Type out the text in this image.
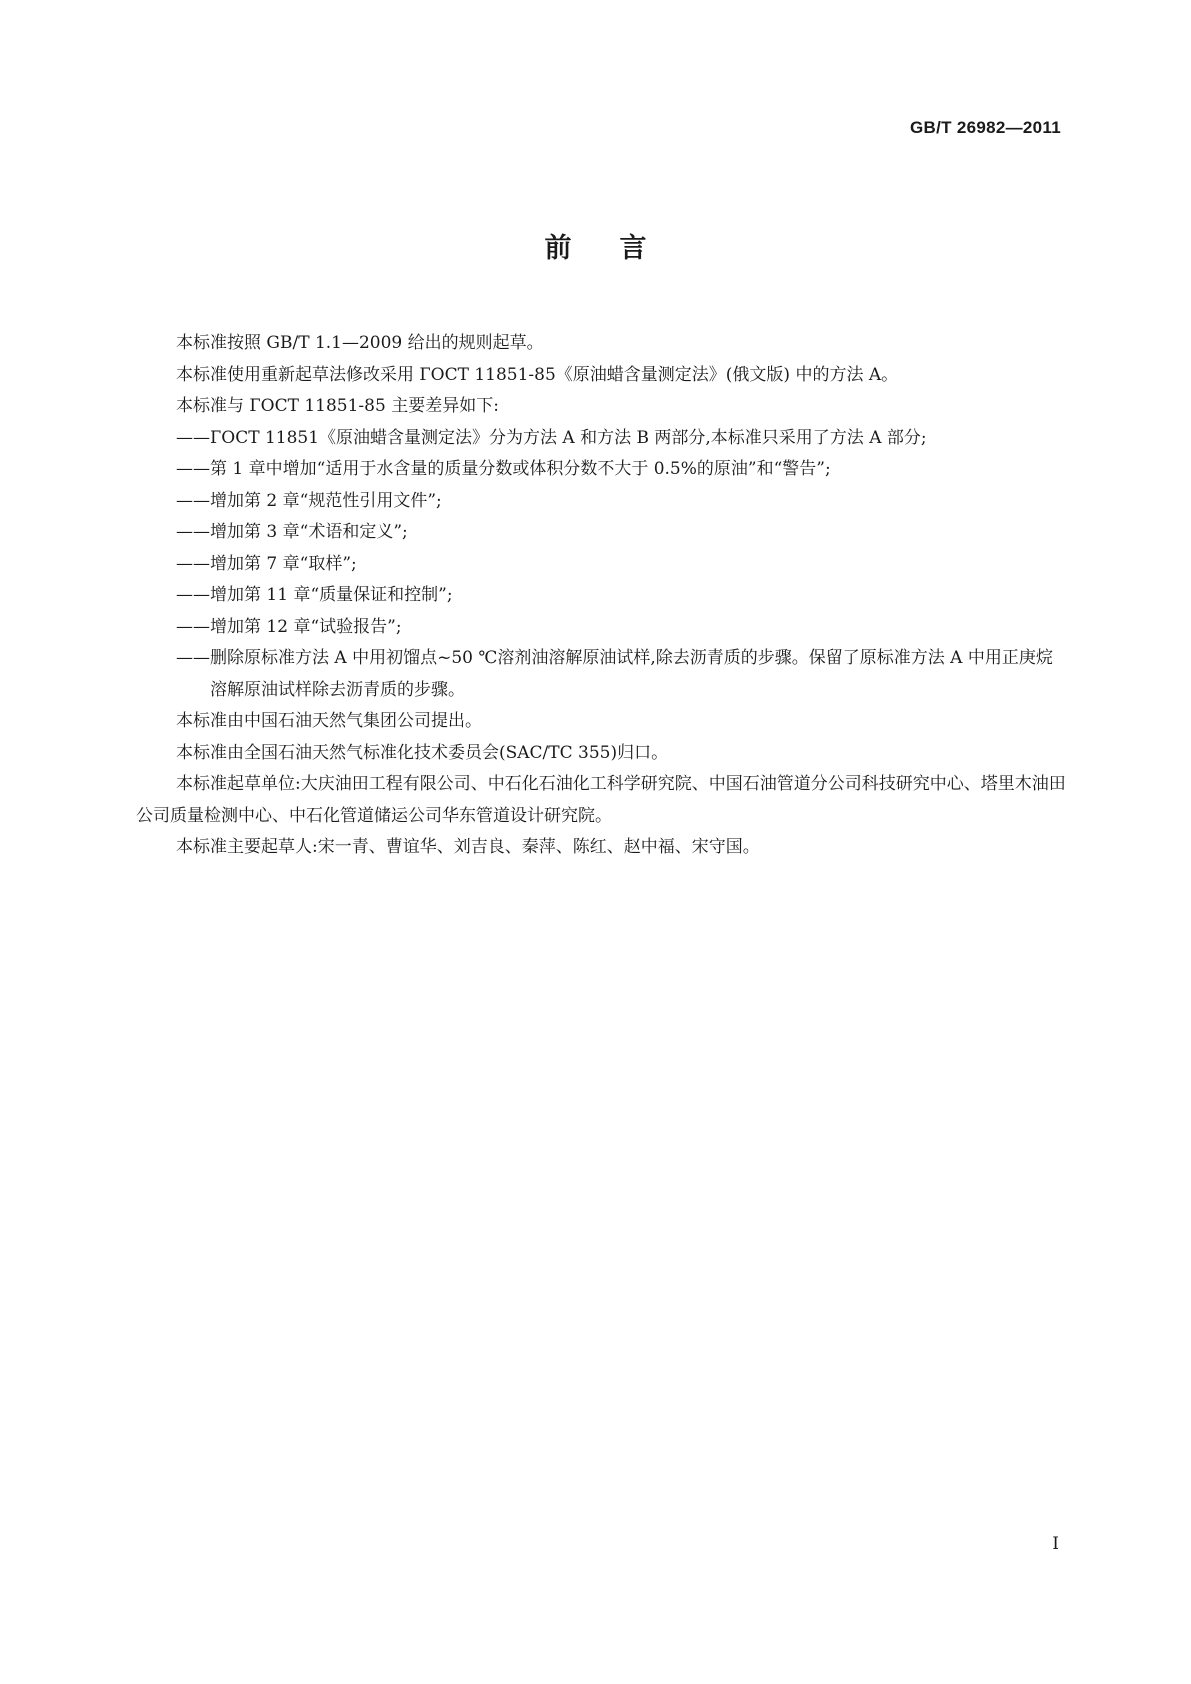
GB/T 26982—2011
前言

本标准按照 GB/T 1.1—2009 给出的规则起草。

本标准使用重新起草法修改采用 ГОСТ 11851-85《原油蜡含量测定法》(俄文版) 中的方法 A。

本标准与 ГОСТ 11851-85 主要差异如下:

——ГОСТ 11851《原油蜡含量测定法》分为方法 A 和方法 B 两部分,本标准只采用了方法 A 部分;

——第 1 章中增加“适用于水含量的质量分数或体积分数不大于 0.5%的原油”和“警告”;

——增加第 2 章“规范性引用文件”;

——增加第 3 章“术语和定义”;

——增加第 7 章“取样”;

——增加第 11 章“质量保证和控制”;

——增加第 12 章“试验报告”;

——删除原标准方法 A 中用初馏点~50 ℃溶剂油溶解原油试样,除去沥青质的步骤。保留了原标准方法 A 中用正庚烷溶解原油试样除去沥青质的步骤。

本标准由中国石油天然气集团公司提出。

本标准由全国石油天然气标准化技术委员会(SAC/TC 355)归口。

本标准起草单位:大庆油田工程有限公司、中石化石油化工科学研究院、中国石油管道分公司科技研究中心、塔里木油田公司质量检测中心、中石化管道储运公司华东管道设计研究院。

本标准主要起草人:宋一青、曹谊华、刘吉良、秦萍、陈红、赵中福、宋守国。

I
